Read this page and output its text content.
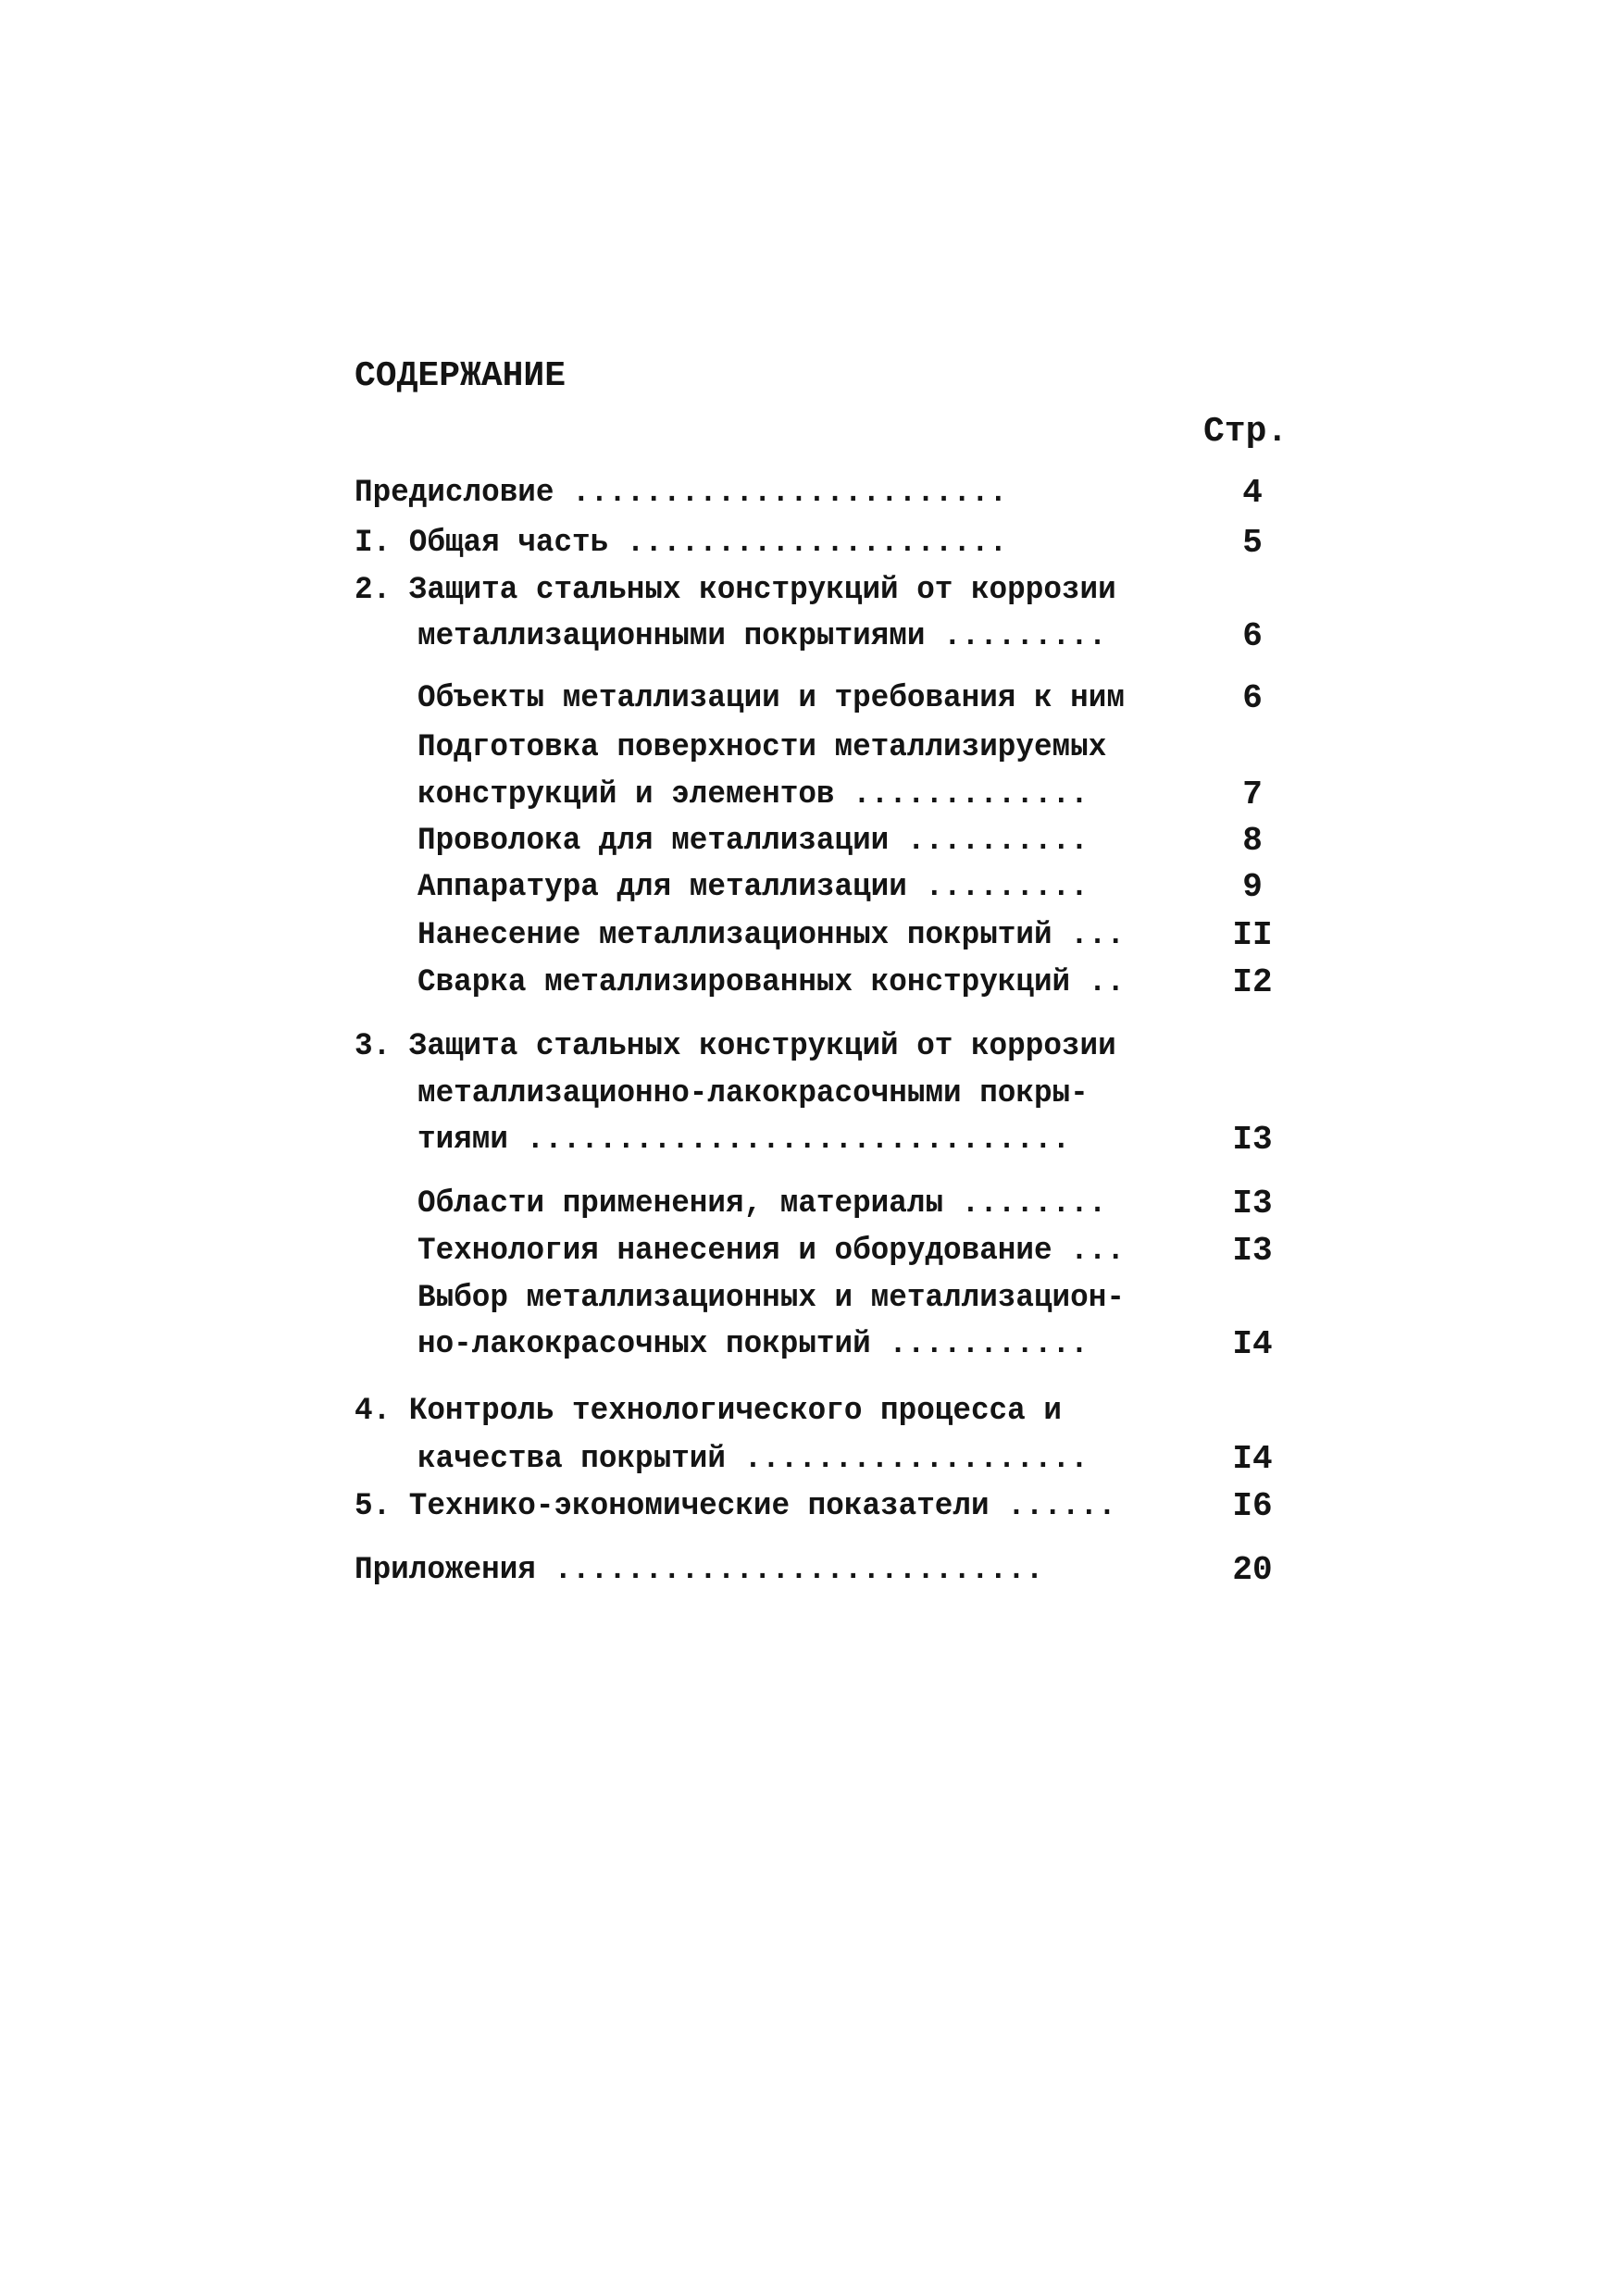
СОДЕРЖАНИЕ
Стр.
Предисловие ........................	4
I. Общая часть .....................	5
2. Защита стальных конструкций от коррозии
металлизационными покрытиями .........	6
Объекты металлизации и требования к ним	6
Подготовка поверхности металлизируемых
конструкций и элементов .............	7
Проволока для металлизации ..........	8
Аппаратура для металлизации .........	9
Нанесение металлизационных покрытий ...	II
Сварка металлизированных конструкций ..	I2
3. Защита стальных конструкций от коррозии
металлизационно-лакокрасочными покры-
тиями ..............................	I3
Области применения, материалы ........	I3
Технология нанесения и оборудование ...	I3
Выбор металлизационных и металлизацион-
но-лакокрасочных покрытий ...........	I4
4. Контроль технологического процесса и
качества покрытий ...................	I4
5. Технико-экономические показатели ......	I6
Приложения ...........................	20
